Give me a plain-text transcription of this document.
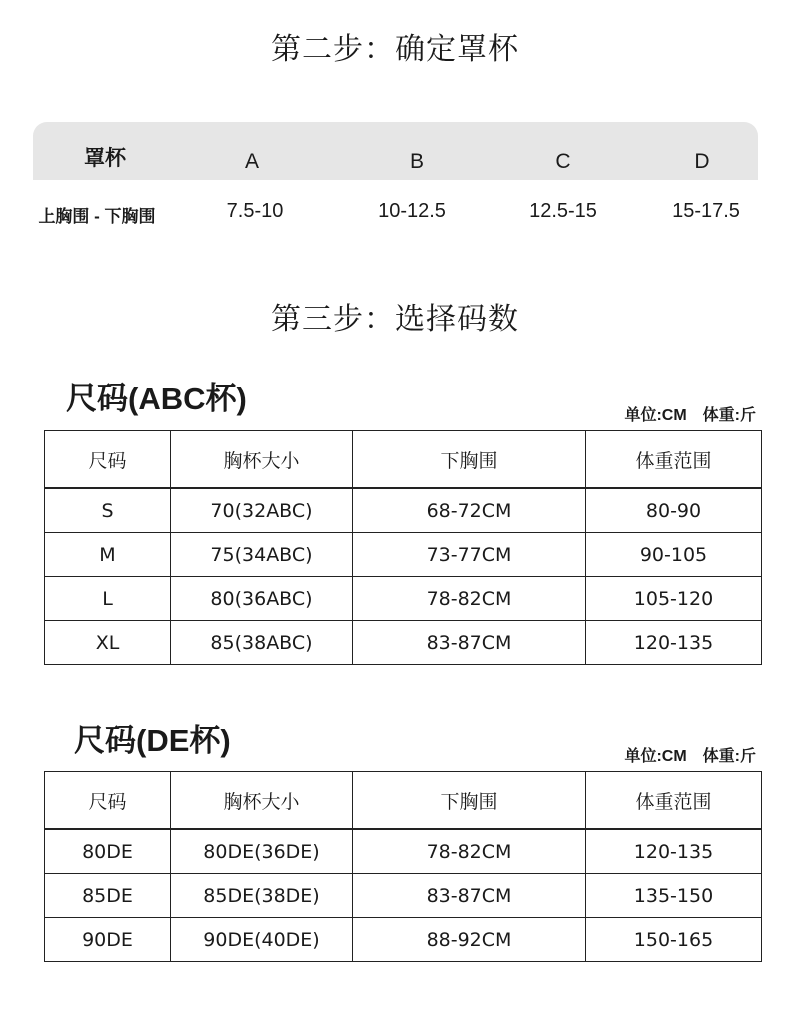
第二步：确定罩杯
罩杯	A	B	C	D
上胸围 - 下胸围	7.5-10	10-12.5	12.5-15	15-17.5
第三步：选择码数
尺码(ABC杯)	单位:CM　体重:斤
尺码	胸杯大小	下胸围	体重范围
S	70(32ABC)	68-72CM	80-90
M	75(34ABC)	73-77CM	90-105
L	80(36ABC)	78-82CM	105-120
XL	85(38ABC)	83-87CM	120-135
尺码(DE杯)	单位:CM　体重:斤
尺码	胸杯大小	下胸围	体重范围
80DE	80DE(36DE)	78-82CM	120-135
85DE	85DE(38DE)	83-87CM	135-150
90DE	90DE(40DE)	88-92CM	150-165
